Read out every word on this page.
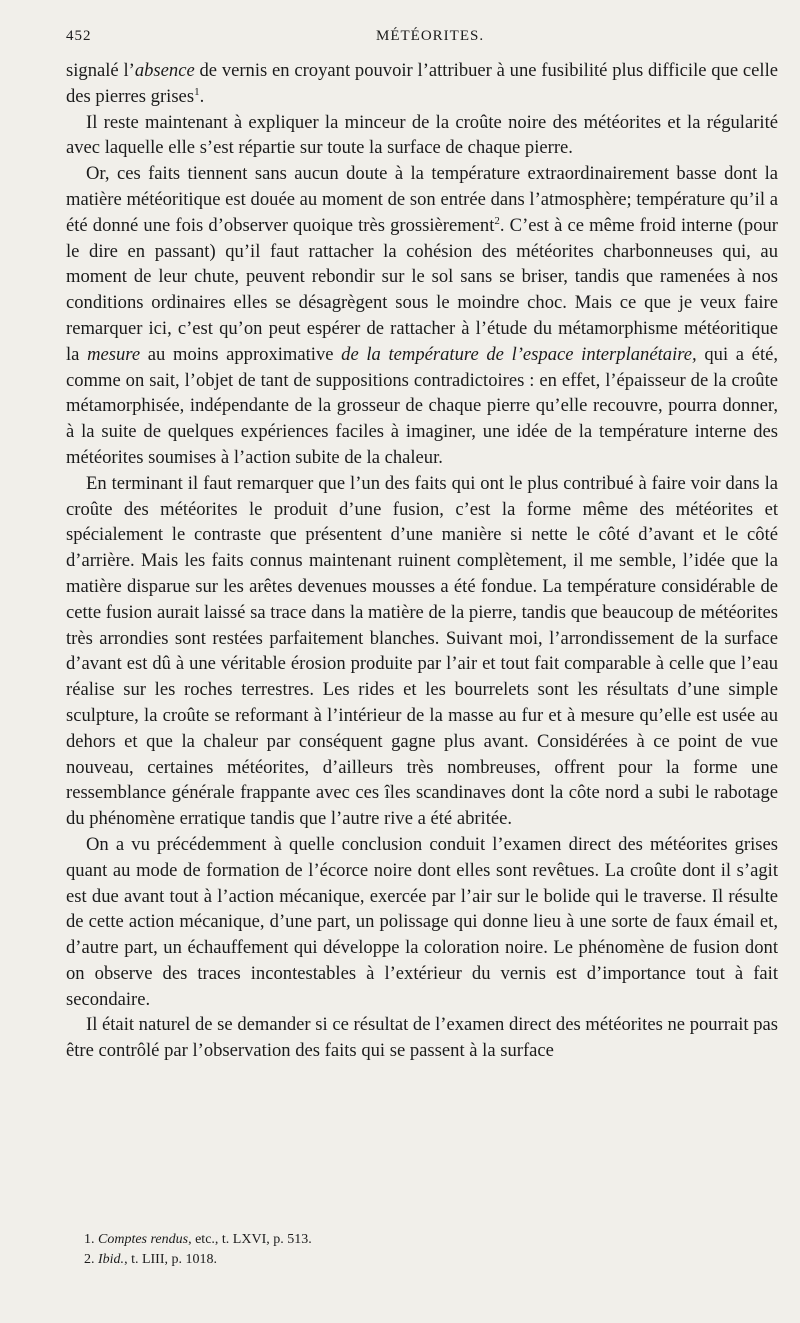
452	MÉTÉORITES.

signalé l’absence de vernis en croyant pouvoir l’attribuer à une fusibilité plus difficile que celle des pierres grises$^1$.

Il reste maintenant à expliquer la minceur de la croûte noire des météorites et la régularité avec laquelle elle s’est répartie sur toute la surface de chaque pierre.

Or, ces faits tiennent sans aucun doute à la température extraordinairement basse dont la matière météoritique est douée au moment de son entrée dans l’atmosphère; température qu’il a été donné une fois d’observer quoique très grossièrement$^2$. C’est à ce même froid interne (pour le dire en passant) qu’il faut rattacher la cohésion des météorites charbonneuses qui, au moment de leur chute, peuvent rebondir sur le sol sans se briser, tandis que ramenées à nos conditions ordinaires elles se désagrègent sous le moindre choc. Mais ce que je veux faire remarquer ici, c’est qu’on peut espérer de rattacher à l’étude du métamorphisme météoritique la mesure au moins approximative de la température de l’espace interplanétaire, qui a été, comme on sait, l’objet de tant de suppositions contradictoires : en effet, l’épaisseur de la croûte métamorphisée, indépendante de la grosseur de chaque pierre qu’elle recouvre, pourra donner, à la suite de quelques expériences faciles à imaginer, une idée de la température interne des météorites soumises à l’action subite de la chaleur.

En terminant il faut remarquer que l’un des faits qui ont le plus contribué à faire voir dans la croûte des météorites le produit d’une fusion, c’est la forme même des météorites et spécialement le contraste que présentent d’une manière si nette le côté d’avant et le côté d’arrière. Mais les faits connus maintenant ruinent complètement, il me semble, l’idée que la matière disparue sur les arêtes devenues mousses a été fondue. La température considérable de cette fusion aurait laissé sa trace dans la matière de la pierre, tandis que beaucoup de météorites très arrondies sont restées parfaitement blanches. Suivant moi, l’arrondissement de la surface d’avant est dû à une véritable érosion produite par l’air et tout fait comparable à celle que l’eau réalise sur les roches terrestres. Les rides et les bourrelets sont les résultats d’une simple sculpture, la croûte se reformant à l’intérieur de la masse au fur et à mesure qu’elle est usée au dehors et que la chaleur par conséquent gagne plus avant. Considérées à ce point de vue nouveau, certaines météorites, d’ailleurs très nombreuses, offrent pour la forme une ressemblance générale frappante avec ces îles scandinaves dont la côte nord a subi le rabotage du phénomène erratique tandis que l’autre rive a été abritée.

On a vu précédemment à quelle conclusion conduit l’examen direct des météorites grises quant au mode de formation de l’écorce noire dont elles sont revêtues. La croûte dont il s’agit est due avant tout à l’action mécanique, exercée par l’air sur le bolide qui le traverse. Il résulte de cette action mécanique, d’une part, un polissage qui donne lieu à une sorte de faux émail et, d’autre part, un échauffement qui développe la coloration noire. Le phénomène de fusion dont on observe des traces incontestables à l’extérieur du vernis est d’importance tout à fait secondaire.

Il était naturel de se demander si ce résultat de l’examen direct des météorites ne pourrait pas être contrôlé par l’observation des faits qui se passent à la surface

1. Comptes rendus, etc., t. LXVI, p. 513.
2. Ibid., t. LIII, p. 1018.
